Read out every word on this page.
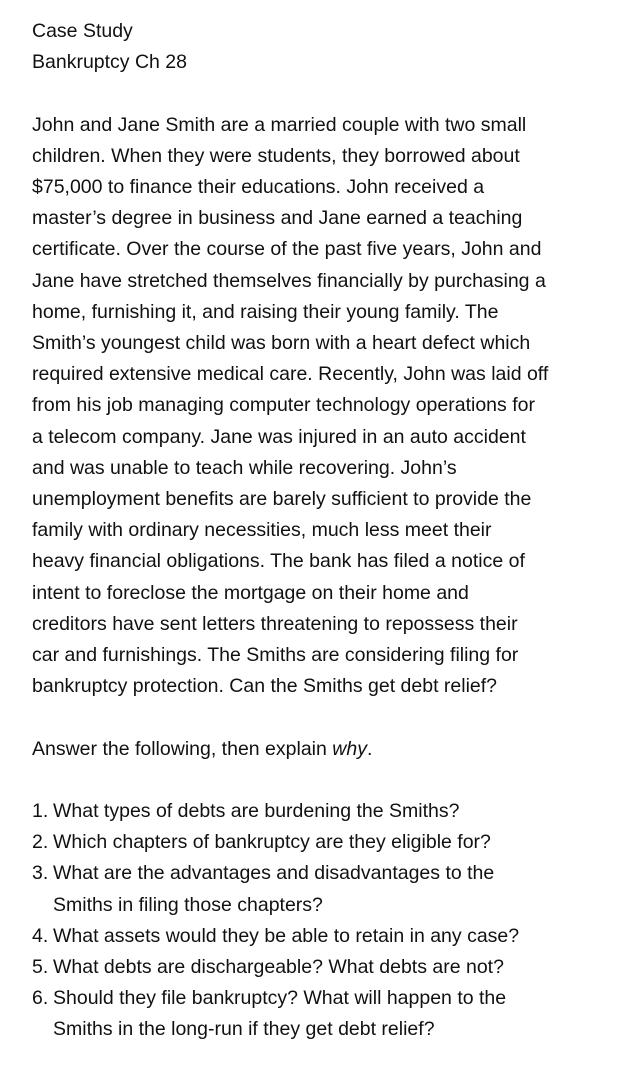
Case Study

Bankruptcy Ch 28

John and Jane Smith are a married couple with two small
children. When they were students, they borrowed about
$75,000 to finance their educations. John received a
master’s degree in business and Jane earned a teaching
certificate. Over the course of the past five years, John and
Jane have stretched themselves financially by purchasing a
home, furnishing it, and raising their young family. The
Smith’s youngest child was born with a heart defect which
required extensive medical care. Recently, John was laid off
from his job managing computer technology operations for
a telecom company. Jane was injured in an auto accident
and was unable to teach while recovering. John’s
unemployment benefits are barely sufficient to provide the
family with ordinary necessities, much less meet their
heavy financial obligations. The bank has filed a notice of
intent to foreclose the mortgage on their home and
creditors have sent letters threatening to repossess their
car and furnishings. The Smiths are considering filing for
bankruptcy protection. Can the Smiths get debt relief?

Answer the following, then explain why.

1. What types of debts are burdening the Smiths?
2. Which chapters of bankruptcy are they eligible for?
3. What are the advantages and disadvantages to the
Smiths in filing those chapters?
4. What assets would they be able to retain in any case?
5. What debts are dischargeable? What debts are not?
6. Should they file bankruptcy? What will happen to the
Smiths in the long-run if they get debt relief?
